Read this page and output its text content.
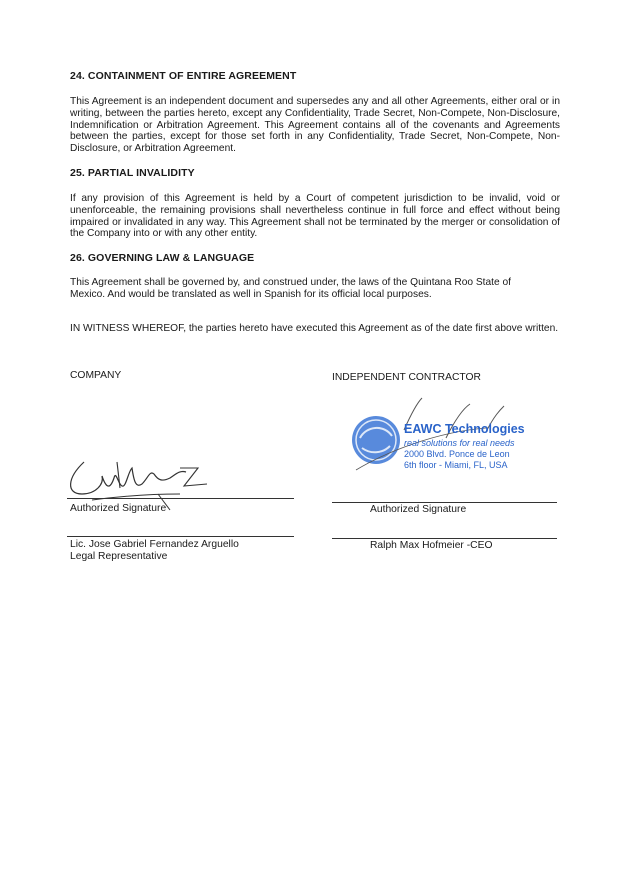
24. CONTAINMENT OF ENTIRE AGREEMENT
This Agreement is an independent document and supersedes any and all other Agreements, either oral or in writing, between the parties hereto, except any Confidentiality, Trade Secret, Non-Compete, Non-Disclosure, Indemnification or Arbitration Agreement. This Agreement contains all of the covenants and Agreements between the parties, except for those set forth in any Confidentiality, Trade Secret, Non-Compete, Non-Disclosure, or Arbitration Agreement.
25. PARTIAL INVALIDITY
If any provision of this Agreement is held by a Court of competent jurisdiction to be invalid, void or unenforceable, the remaining provisions shall nevertheless continue in full force and effect without being impaired or invalidated in any way. This Agreement shall not be terminated by the merger or consolidation of the Company into or with any other entity.
26. GOVERNING LAW & LANGUAGE
This Agreement shall be governed by, and construed under, the laws of the Quintana Roo State of Mexico. And would be translated as well in Spanish for its official local purposes.
IN WITNESS WHEREOF, the parties hereto have executed this Agreement as of the date first above written.
COMPANY
Authorized Signature
Lic. Jose Gabriel Fernandez Arguello
Legal Representative
INDEPENDENT CONTRACTOR
EAWC Technologies
real solutions for real needs
2000 Blvd. Ponce de Leon
6th floor - Miami, FL, USA
Authorized Signature
Ralph Max Hofmeier -CEO
